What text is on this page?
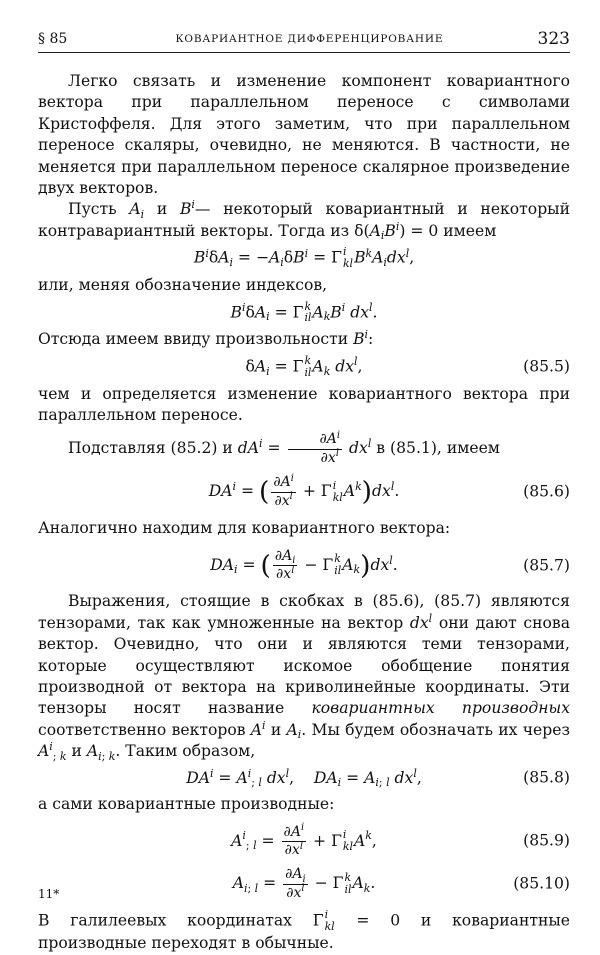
§ 85	КОВАРИАНТНОЕ ДИФФЕРЕНЦИРОВАНИЕ	323

Легко связать и изменение компонент ковариантного вектора при параллельном переносе с символами Кристоффеля. Для этого заметим, что при параллельном переносе скаляры, очевидно, не меняются. В частности, не меняется при параллельном переносе скалярное произведение двух векторов.

Пусть $A_i$ и $B^i—$ некоторый ковариантный и некоторый контравариантный векторы. Тогда из $\delta(A_iB^i) = 0$ имеем

$B^i\delta A_i = -A_i\delta B^i = \Gamma$ i
kl $B^kA_idx^l$,

или, меняя обозначение индексов,

$B^i\delta A_i = \Gamma$ k
il $A_kB^i$ $dx^l$.

Отсюда имеем ввиду произвольности $B^i$:

$\delta A_i = \Gamma$ k
il $A_k$ $dx^l$,	(85.5)

чем и определяется изменение ковариантного вектора при параллельном переносе.

Подставляя (85.2) и $dA^i = \frac{\partial A^i}{\partial x^l} dx^l$ в (85.1), имеем

$DA^i$ = ( $\frac{\partial A^i}{\partial x^l} + \Gamma$ i
kl $A^k)dx^l$.	(85.6)

Аналогично находим для ковариантного вектора:

$DA_i$ = ( $\frac{\partial A_i}{\partial x^l} - \Gamma$ k
il $A_k)dx^l$.	(85.7)

Выражения, стоящие в скобках в (85.6), (85.7) являются тензорами, так как умноженные на вектор $dx^l$ они дают снова вектор. Очевидно, что они и являются теми тензорами, которые осуществляют искомое обобщение понятия производной от вектора на криволинейные координаты. Эти тензоры носят название ковариантных производных соответственно векторов $A^i$ и $A_i$. Мы будем обозначать их через $A^i_{; k}$ и $A_{i; k}$. Таким образом,

$DA^i = A^i_{; l}$ $dx^l$,    $DA_i = A_{i; l}$ $dx^l$,	(85.8)

а сами ковариантные производные:

$A^i_{; l} = \frac{\partial A^i}{\partial x^l} + \Gamma$ i
kl $A^k$,	(85.9)
$A_{i; l} = \frac{\partial A_i}{\partial x^l} - \Gamma$ k
il $A_k$.	(85.10)

В галилеевых координатах Γ i
kl = 0 и ковариантные производные переходят в обычные.

11*
